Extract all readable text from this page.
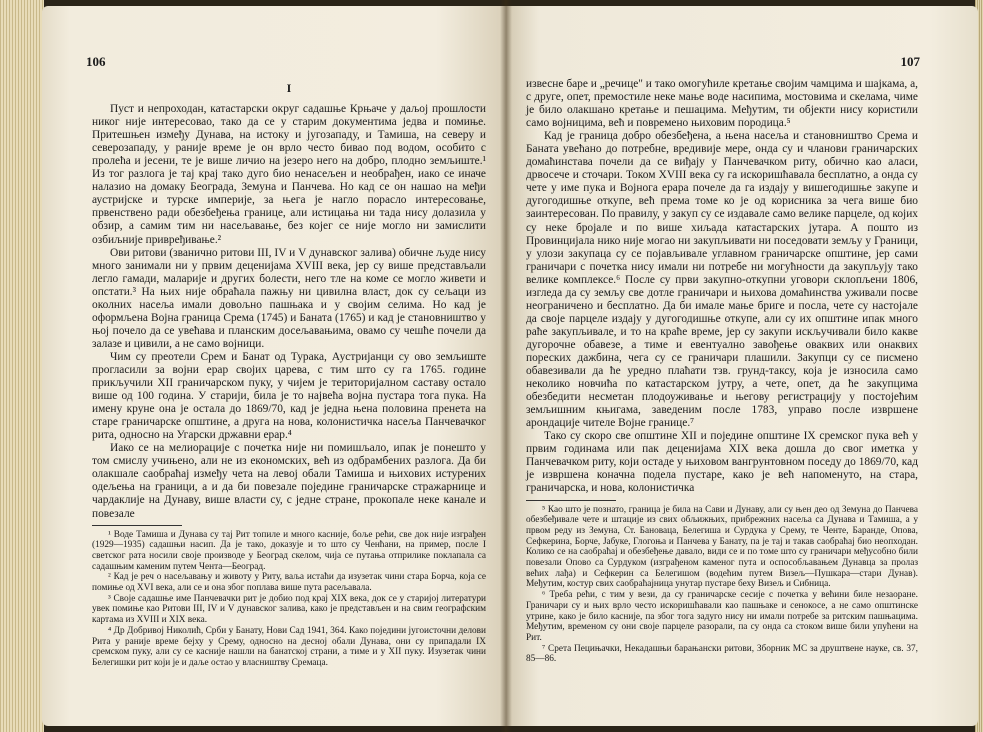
106
I

Пуст и непроходан, катастарски округ садашње Крњаче у даљој прошлости никог није интересовао, тако да се у старим документима једва и помиње. Притешњен између Дунава, на истоку и југозападу, и Тамиша, на северу и северозападу, у раније време је он врло често бивао под водом, особито с пролећа и јесени, те је више личио на језеро него на добро, плодно земљиште.¹ Из тог разлога је тај крај тако дуго био ненасељен и необрађен, иако се иначе налазио на домаку Београда, Земуна и Панчева. Но кад се он нашао на међи аустријске и турске империје, за њега је нагло порасло интересовање, првенствено ради обезбеђења границе, али истицања ни тада нису долазила у обзир, а самим тим ни насељавање, без којег се није могло ни замислити озбиљније привређивање.²

Ови ритови (званично ритови III, IV и V дунавског залива) обичне људе нису много занимали ни у првим деценијама XVIII века, јер су више представљали легло гамади, маларије и других болести, него тле на коме се могло живети и опстати.³ На њих није обраћала пажњу ни цивилна власт, док су сељаци из околних насеља имали довољно пашњака и у својим селима. Но кад је оформљена Војна граница Срема (1745) и Баната (1765) и кад је становништво у њој почело да се увећава и планским досељавањима, овамо су чешће почели да залазе и цивили, а не само војници.

Чим су преотели Срем и Банат од Турака, Аустријанци су ово земљиште прогласили за војни ерар својих царева, с тим што су га 1765. године прикључили XII граничарском пуку, у чијем је територијалном саставу остало више од 100 година. У старији, била је то највећа војна пустара тога пука. На имену круне она је остала до 1869/70, кад је једна њена половина пренета на старе граничарске општине, а друга на нова, колонистичка насеља Панчевачког рита, односно на Угарски државни ерар.⁴

Иако се на мелиорације с почетка није ни помишљало, ипак је понешто у том смислу учињено, али не из економских, већ из одбрамбених разлога. Да би олакшале саобраћај између чета на левој обали Тамиша и њихових истурених одељења на граници, а и да би повезале поједине граничарске стражарнице и чардаклије на Дунаву, више власти су, с једне стране, прокопале неке канале и повезале

¹ Воде Тамиша и Дунава су тај Рит топиле и много касније, боље рећи, све док није изграђен (1929—1935) садашњи насип. Да је тако, доказује и то што су Ченћани, на пример, после I светског рата носили своје производе у Београд скелом, чија се путања отприлике поклапала са садашњим каменим путем Чента—Београд.

² Кад је реч о насељавању и животу у Риту, ваља истаћи да изузетак чини стара Борча, која се помиње од XVI века, али се и она због поплава више пута расељавала.

³ Своје садашње име Панчевачки рит је добио под крај XIX века, док се у старијој литератури увек помиње као Ритови III, IV и V дунавског залива, како је представљен и на свим географским картама из XVIII и XIX века.

⁴ Др Добривој Николић, Срби у Банату, Нови Сад 1941, 364. Како поједини југоисточни делови Рита у раније време бејху у Срему, односно на десној обали Дунава, они су припадали IX сремском пуку, али су се касније нашли на банатској страни, а тиме и у XII пуку. Изузетак чини Белегишки рит који је и даље остао у власништву Сремаца.

107

извесне баре и „речице" и тако омогућиле кретање својим чамцима и шајкама, а, с друге, опет, премостиле неке мање воде насипима, мостовима и скелама, чиме је било олакшано кретање и пешацима. Међутим, ти објекти нису користили само војницима, већ и повремено њиховим породица.⁵

Кад је граница добро обезбеђена, а њена насеља и становништво Срема и Баната увећано до потребне, вредивије мере, онда су и чланови граничарских домаћинстава почели да се виђају у Панчевачком риту, обично као аласи, дрвосече и сточари. Током XVIII века су га искоришћавала бесплатно, а онда су чете у име пука и Војнога ерара почеле да га издају у вишегодишње закупе и дугогодишње откупе, већ према томе ко је од корисника за чега више био заинтересован. По правилу, у закуп су се издавале само велике парцеле, од којих су неке бројале и по више хиљада катастарских јутара. А пошто из Провинцијала нико није могао ни закупљивати ни поседовати земљу у Граници, у улози закупаца су се појављивале углавном граничарске општине, јер сами граничари с почетка нису имали ни потребе ни могућности да закупљују тако велике комплексе.⁶ После су први закупно-откупни уговори склопљени 1806, изгледа да су земљу све дотле граничари и њихова домаћинства уживали посве неограничено и бесплатно. Да би имале мање бриге и посла, чете су настојале да своје парцеле издају у дугогодишње откупе, али су их општине ипак много раће закупљивале, и то на краће време, јер су закупи искључивали било какве дугорочне обавезе, а тиме и евентуално завођење оваквих или онаквих пореских дажбина, чега су се граничари плашили. Закупци су се писмено обавезивали да ће уредно плаћати тзв. грунд-таксу, која је износила само неколико новчића по катастарском јутру, а чете, опет, да ће закупцима обезбедити несметан плодоуживање и његову регистрацију у постојећим земљишним књигама, заведеним после 1783, управо после извршене арондације чителе Војне границе.⁷

Тако су скоро све општине XII и поједине општине IX сремског пука већ у првим годинама или пак деценијама XIX века дошла до свог иметка у Панчевачком риту, који остаде у њиховом вангрунтовном поседу до 1869/70, кад је извршена коначна подела пустаре, како је већ напоменуто, на стара, граничарска, и нова, колонистичка

⁵ Као што је познато, граница је била на Сави и Дунаву, али су њен део од Земуна до Панчева обезбеђивале чете и штације из свих обљижњих, прибрежних насеља са Дунава и Тамиша, а у првом реду из Земуна, Ст. Бановаца, Белегиша и Сурдука у Срему, те Ченте, Баранде, Опова, Сефкерина, Борче, Јабуке, Глогоња и Панчева у Банату, па је тај и такав саобраћај био неопходан. Колико се на саобраћај и обезбеђење давало, види се и по томе што су граничари међусобно били повезали Опово са Сурдуком (изграђеном каменог пута и оспособљавањем Дунавца за пролаз већих лађа) и Сефкерин са Белегишом (водећим путем Визељ—Пушкара—стари Дунав). Међутим, костур свих саобраћајница унутар пустаре беху Визељ и Сибница.

⁶ Треба рећи, с тим у вези, да су граничарске сесије с почетка у већини биле незаоране. Граничари су и њих врло често искоришћавали као пашњаке и сенокосе, а не само општинске утрине, како је било касније, па због тога задуго нису ни имали потребе за ритским пашњацима. Међутим, временом су они своје парцеле разорали, па су онда са стоком више били упућени на Рит.

⁷ Срета Пецињачки, Некадашњи барањански ритови, Зборник МС за друштвене науке, св. 37, 85—86.
